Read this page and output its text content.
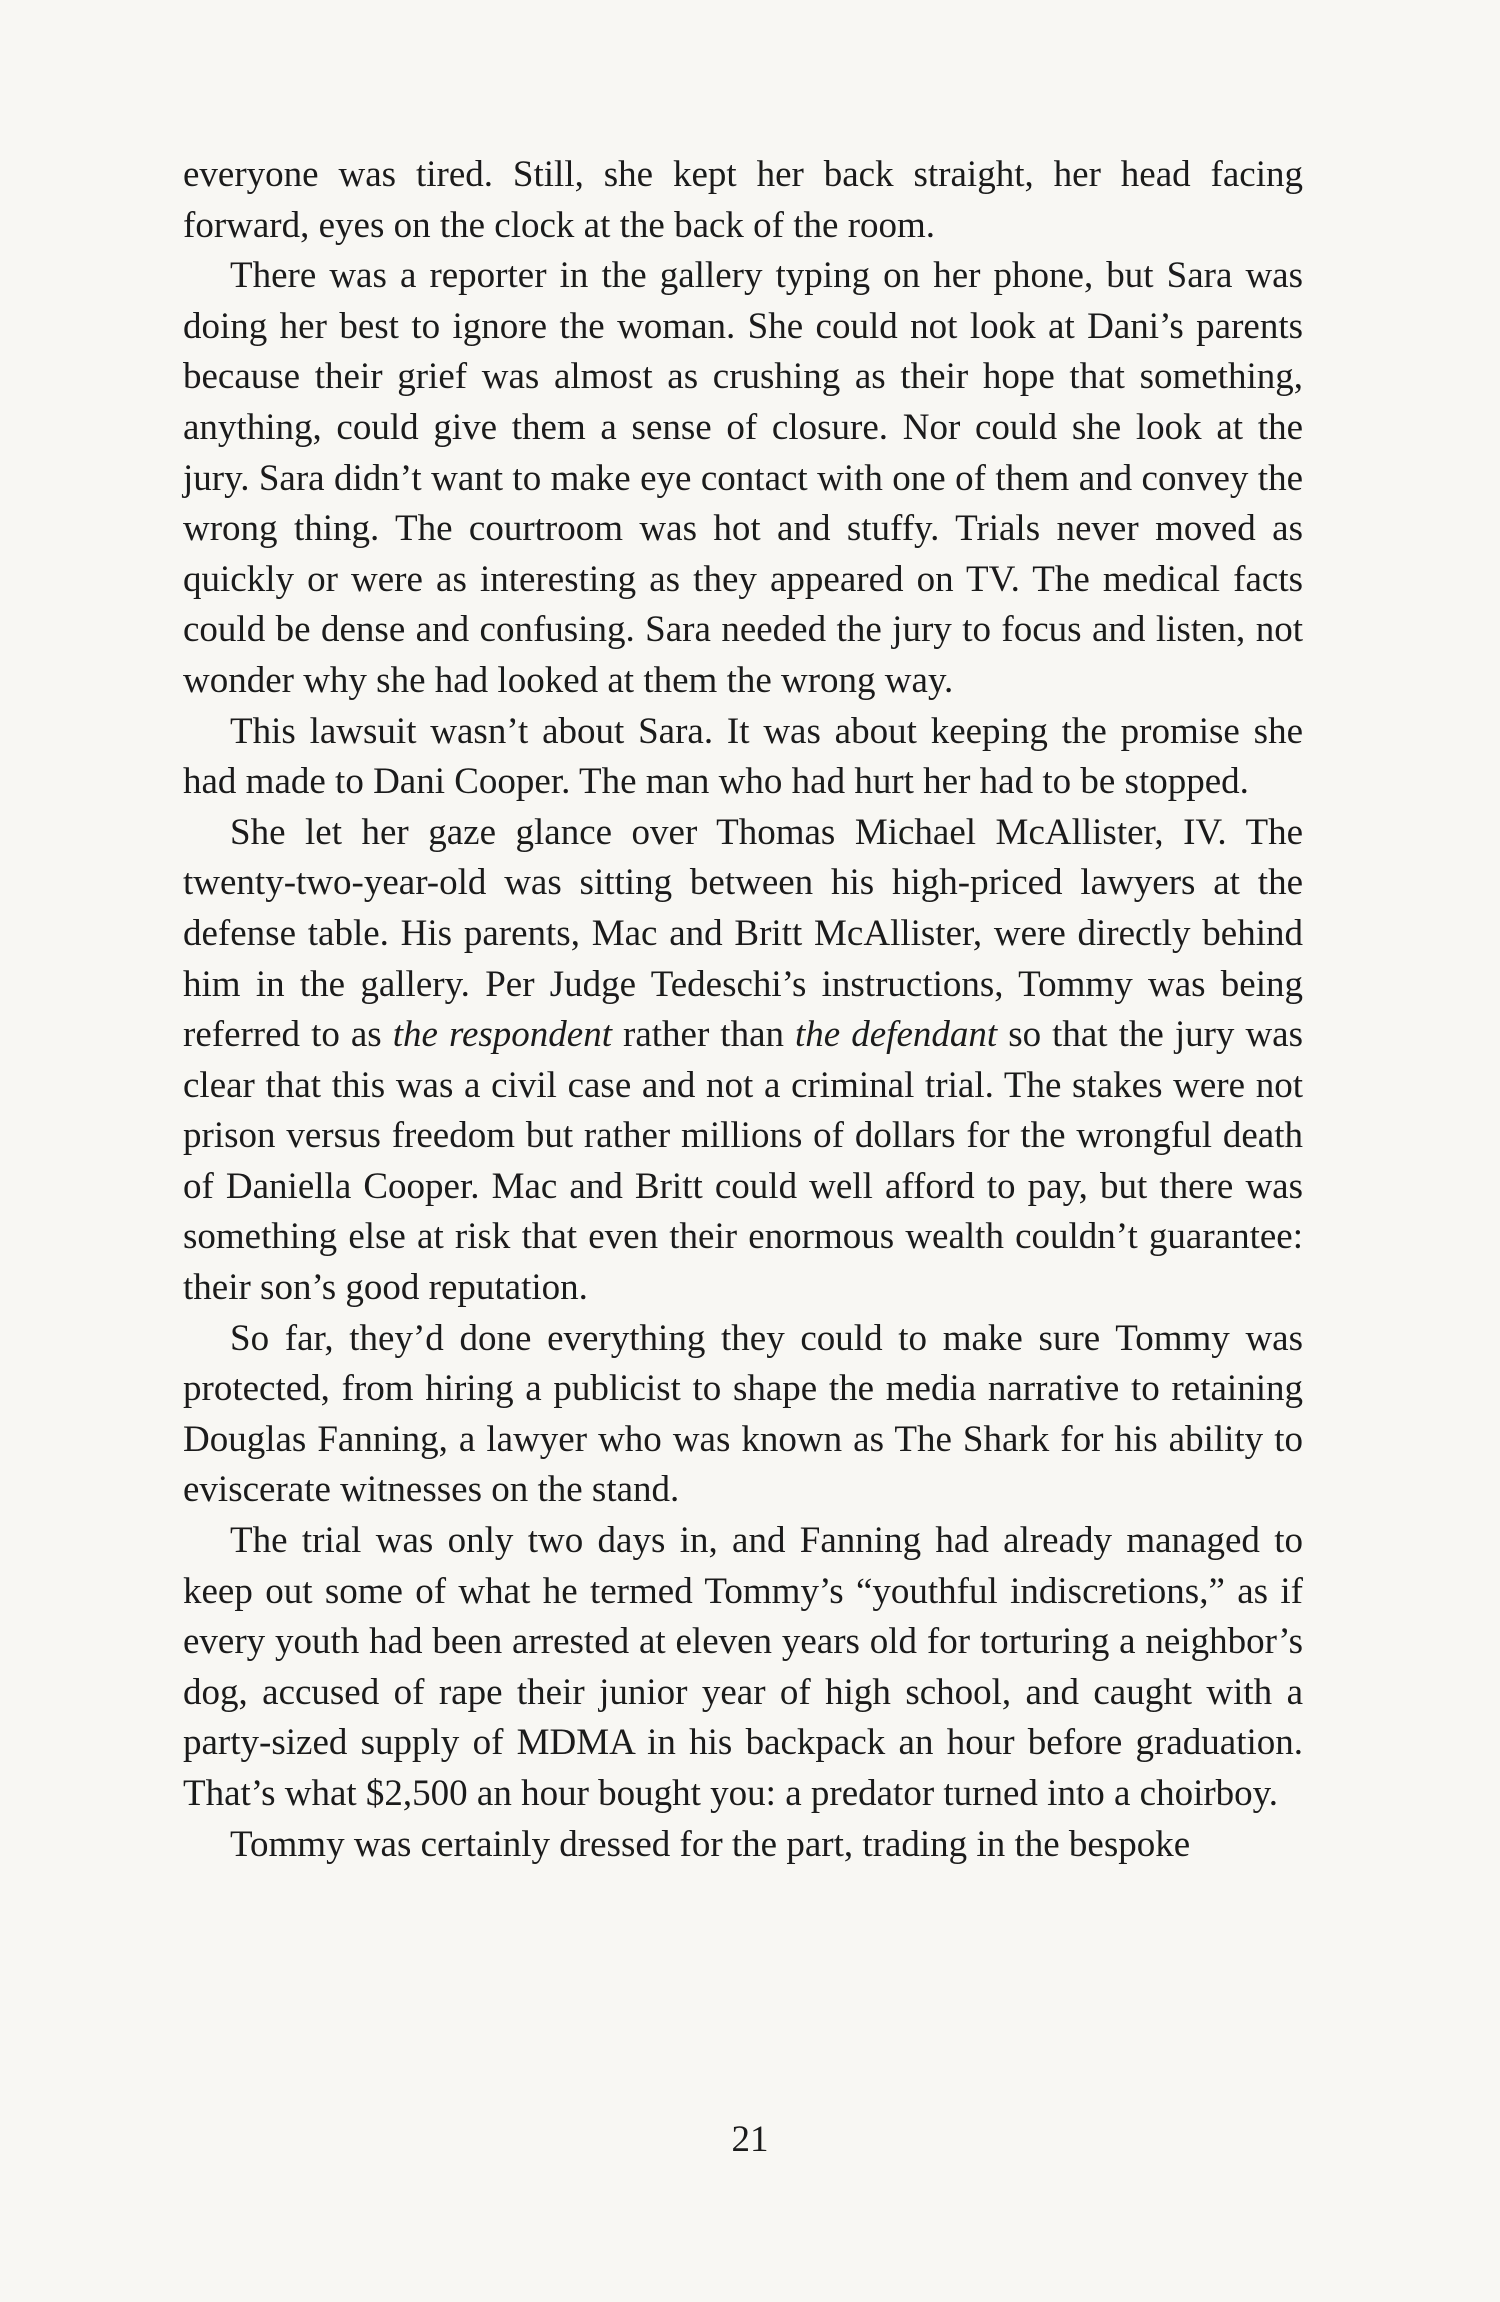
everyone was tired. Still, she kept her back straight, her head facing forward, eyes on the clock at the back of the room.

There was a reporter in the gallery typing on her phone, but Sara was doing her best to ignore the woman. She could not look at Dani’s parents because their grief was almost as crushing as their hope that something, anything, could give them a sense of closure. Nor could she look at the jury. Sara didn’t want to make eye contact with one of them and convey the wrong thing. The courtroom was hot and stuffy. Trials never moved as quickly or were as interesting as they appeared on TV. The medical facts could be dense and confusing. Sara needed the jury to focus and listen, not wonder why she had looked at them the wrong way.

This lawsuit wasn’t about Sara. It was about keeping the promise she had made to Dani Cooper. The man who had hurt her had to be stopped.

She let her gaze glance over Thomas Michael McAllister, IV. The twenty-two-year-old was sitting between his high-priced lawyers at the defense table. His parents, Mac and Britt McAllister, were directly behind him in the gallery. Per Judge Tedeschi’s instructions, Tommy was being referred to as the respondent rather than the defendant so that the jury was clear that this was a civil case and not a criminal trial. The stakes were not prison versus freedom but rather millions of dollars for the wrongful death of Daniella Cooper. Mac and Britt could well afford to pay, but there was something else at risk that even their enormous wealth couldn’t guarantee: their son’s good reputation.

So far, they’d done everything they could to make sure Tommy was protected, from hiring a publicist to shape the media narrative to retaining Douglas Fanning, a lawyer who was known as The Shark for his ability to eviscerate witnesses on the stand.

The trial was only two days in, and Fanning had already managed to keep out some of what he termed Tommy’s “youthful indiscretions,” as if every youth had been arrested at eleven years old for torturing a neighbor’s dog, accused of rape their junior year of high school, and caught with a party-sized supply of MDMA in his backpack an hour before graduation. That’s what $2,500 an hour bought you: a predator turned into a choirboy.

Tommy was certainly dressed for the part, trading in the bespoke

21
